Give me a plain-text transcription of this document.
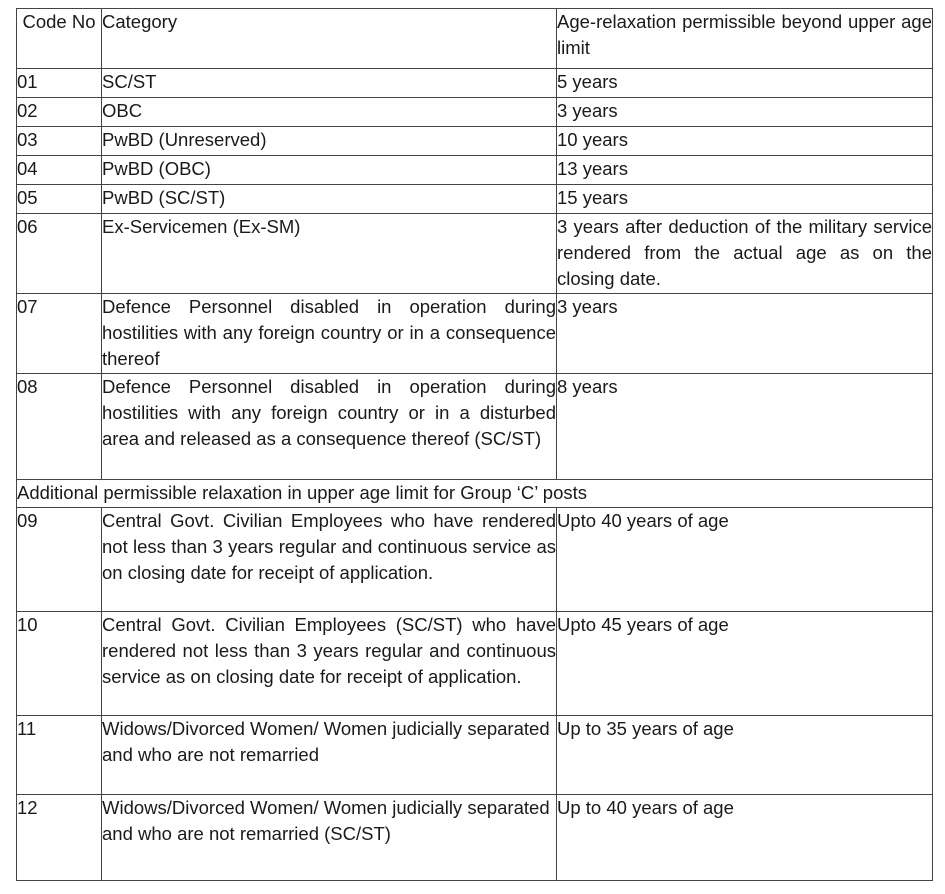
Code No	Category	Age-relaxation permissible beyond upper age limit
01	SC/ST	5 years
02	OBC	3 years
03	PwBD (Unreserved)	10 years
04	PwBD (OBC)	13 years
05	PwBD (SC/ST)	15 years
06	Ex-Servicemen (Ex-SM)	3 years after deduction of the military service rendered from the actual age as on the closing date.
07	Defence Personnel disabled in operation during hostilities with any foreign country or in a consequence thereof	3 years
08	Defence Personnel disabled in operation during hostilities with any foreign country or in a disturbed area and released as a consequence thereof (SC/ST)	8 years
Additional permissible relaxation in upper age limit for Group ‘C’ posts		
09	Central Govt. Civilian Employees who have rendered not less than 3 years regular and continuous service as on closing date for receipt of application.	Upto 40 years of age
10	Central Govt. Civilian Employees (SC/ST) who have rendered not less than 3 years regular and continuous service as on closing date for receipt of application.	Upto 45 years of age
11	Widows/Divorced Women/ Women judicially separated and who are not remarried	Up to 35 years of age
12	Widows/Divorced Women/ Women judicially separated and who are not remarried (SC/ST)	Up to 40 years of age
